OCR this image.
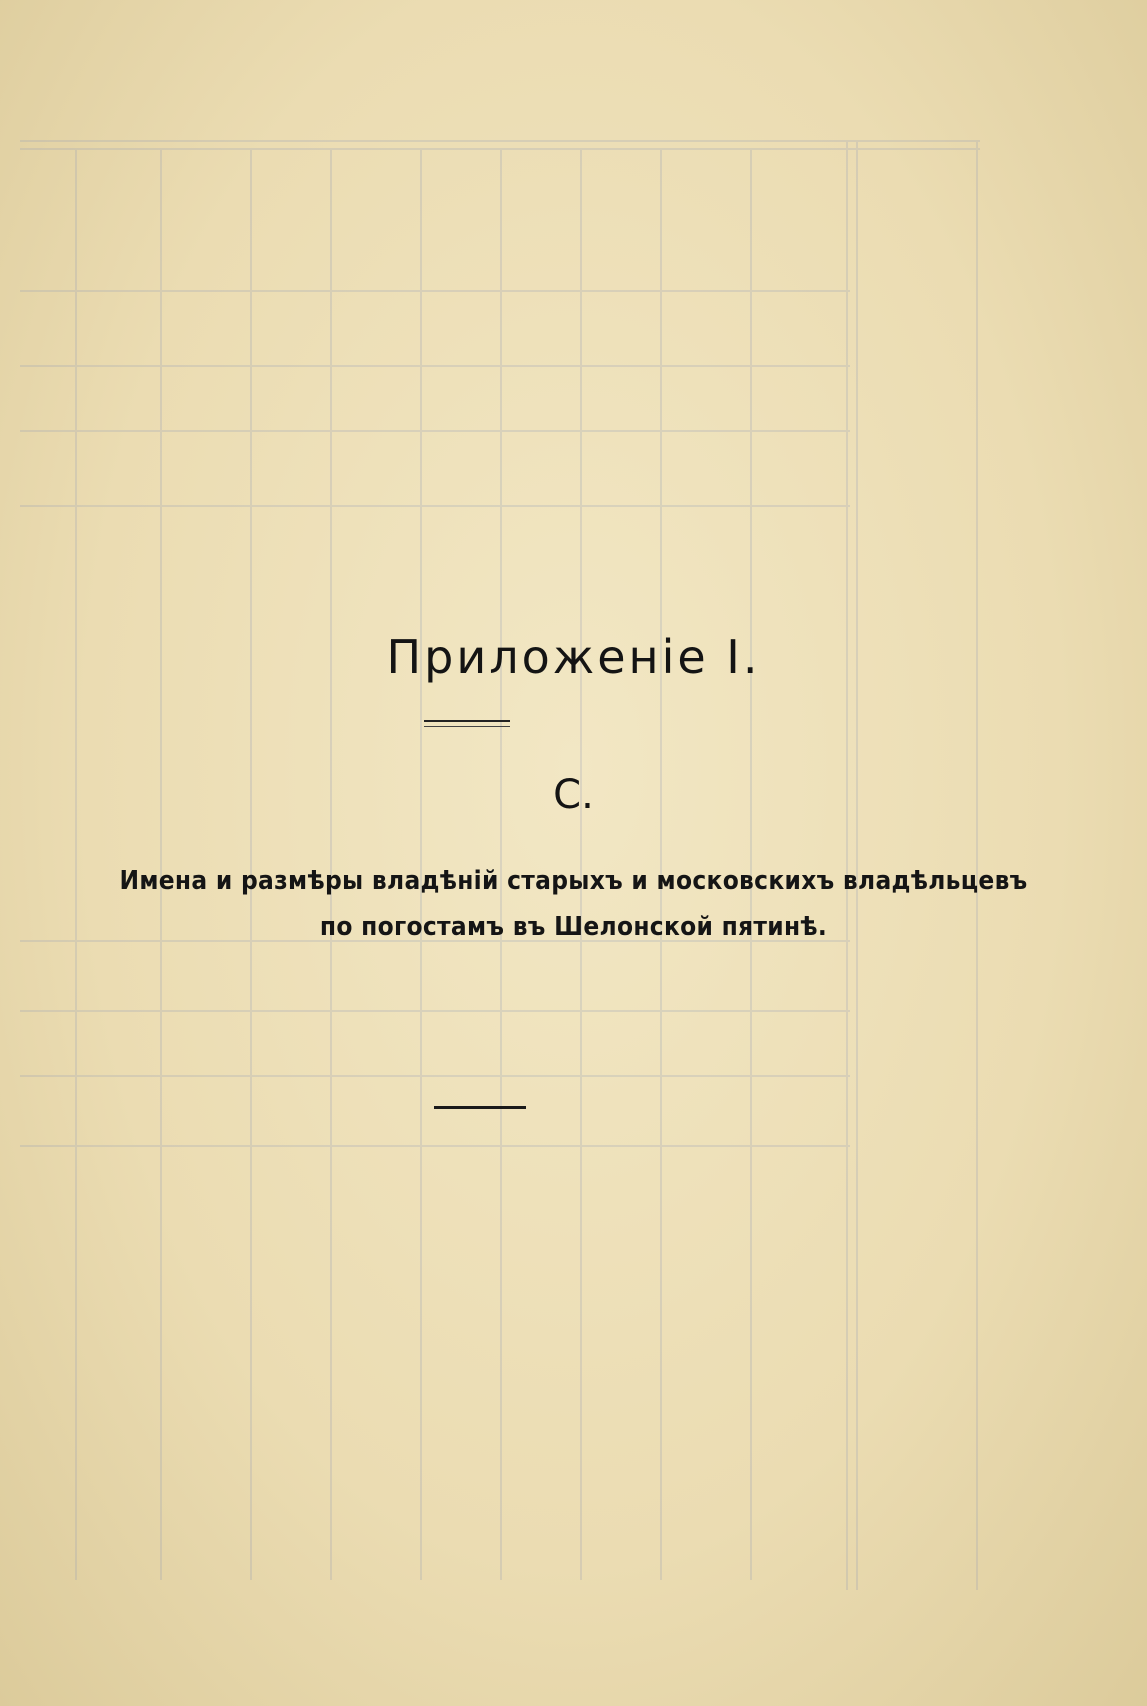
Приложенiе I.
С.
Имена и размѣры владѣнiй старыхъ и московскихъ владѣльцевъ
по погостамъ въ Шелонской пятинѣ.
